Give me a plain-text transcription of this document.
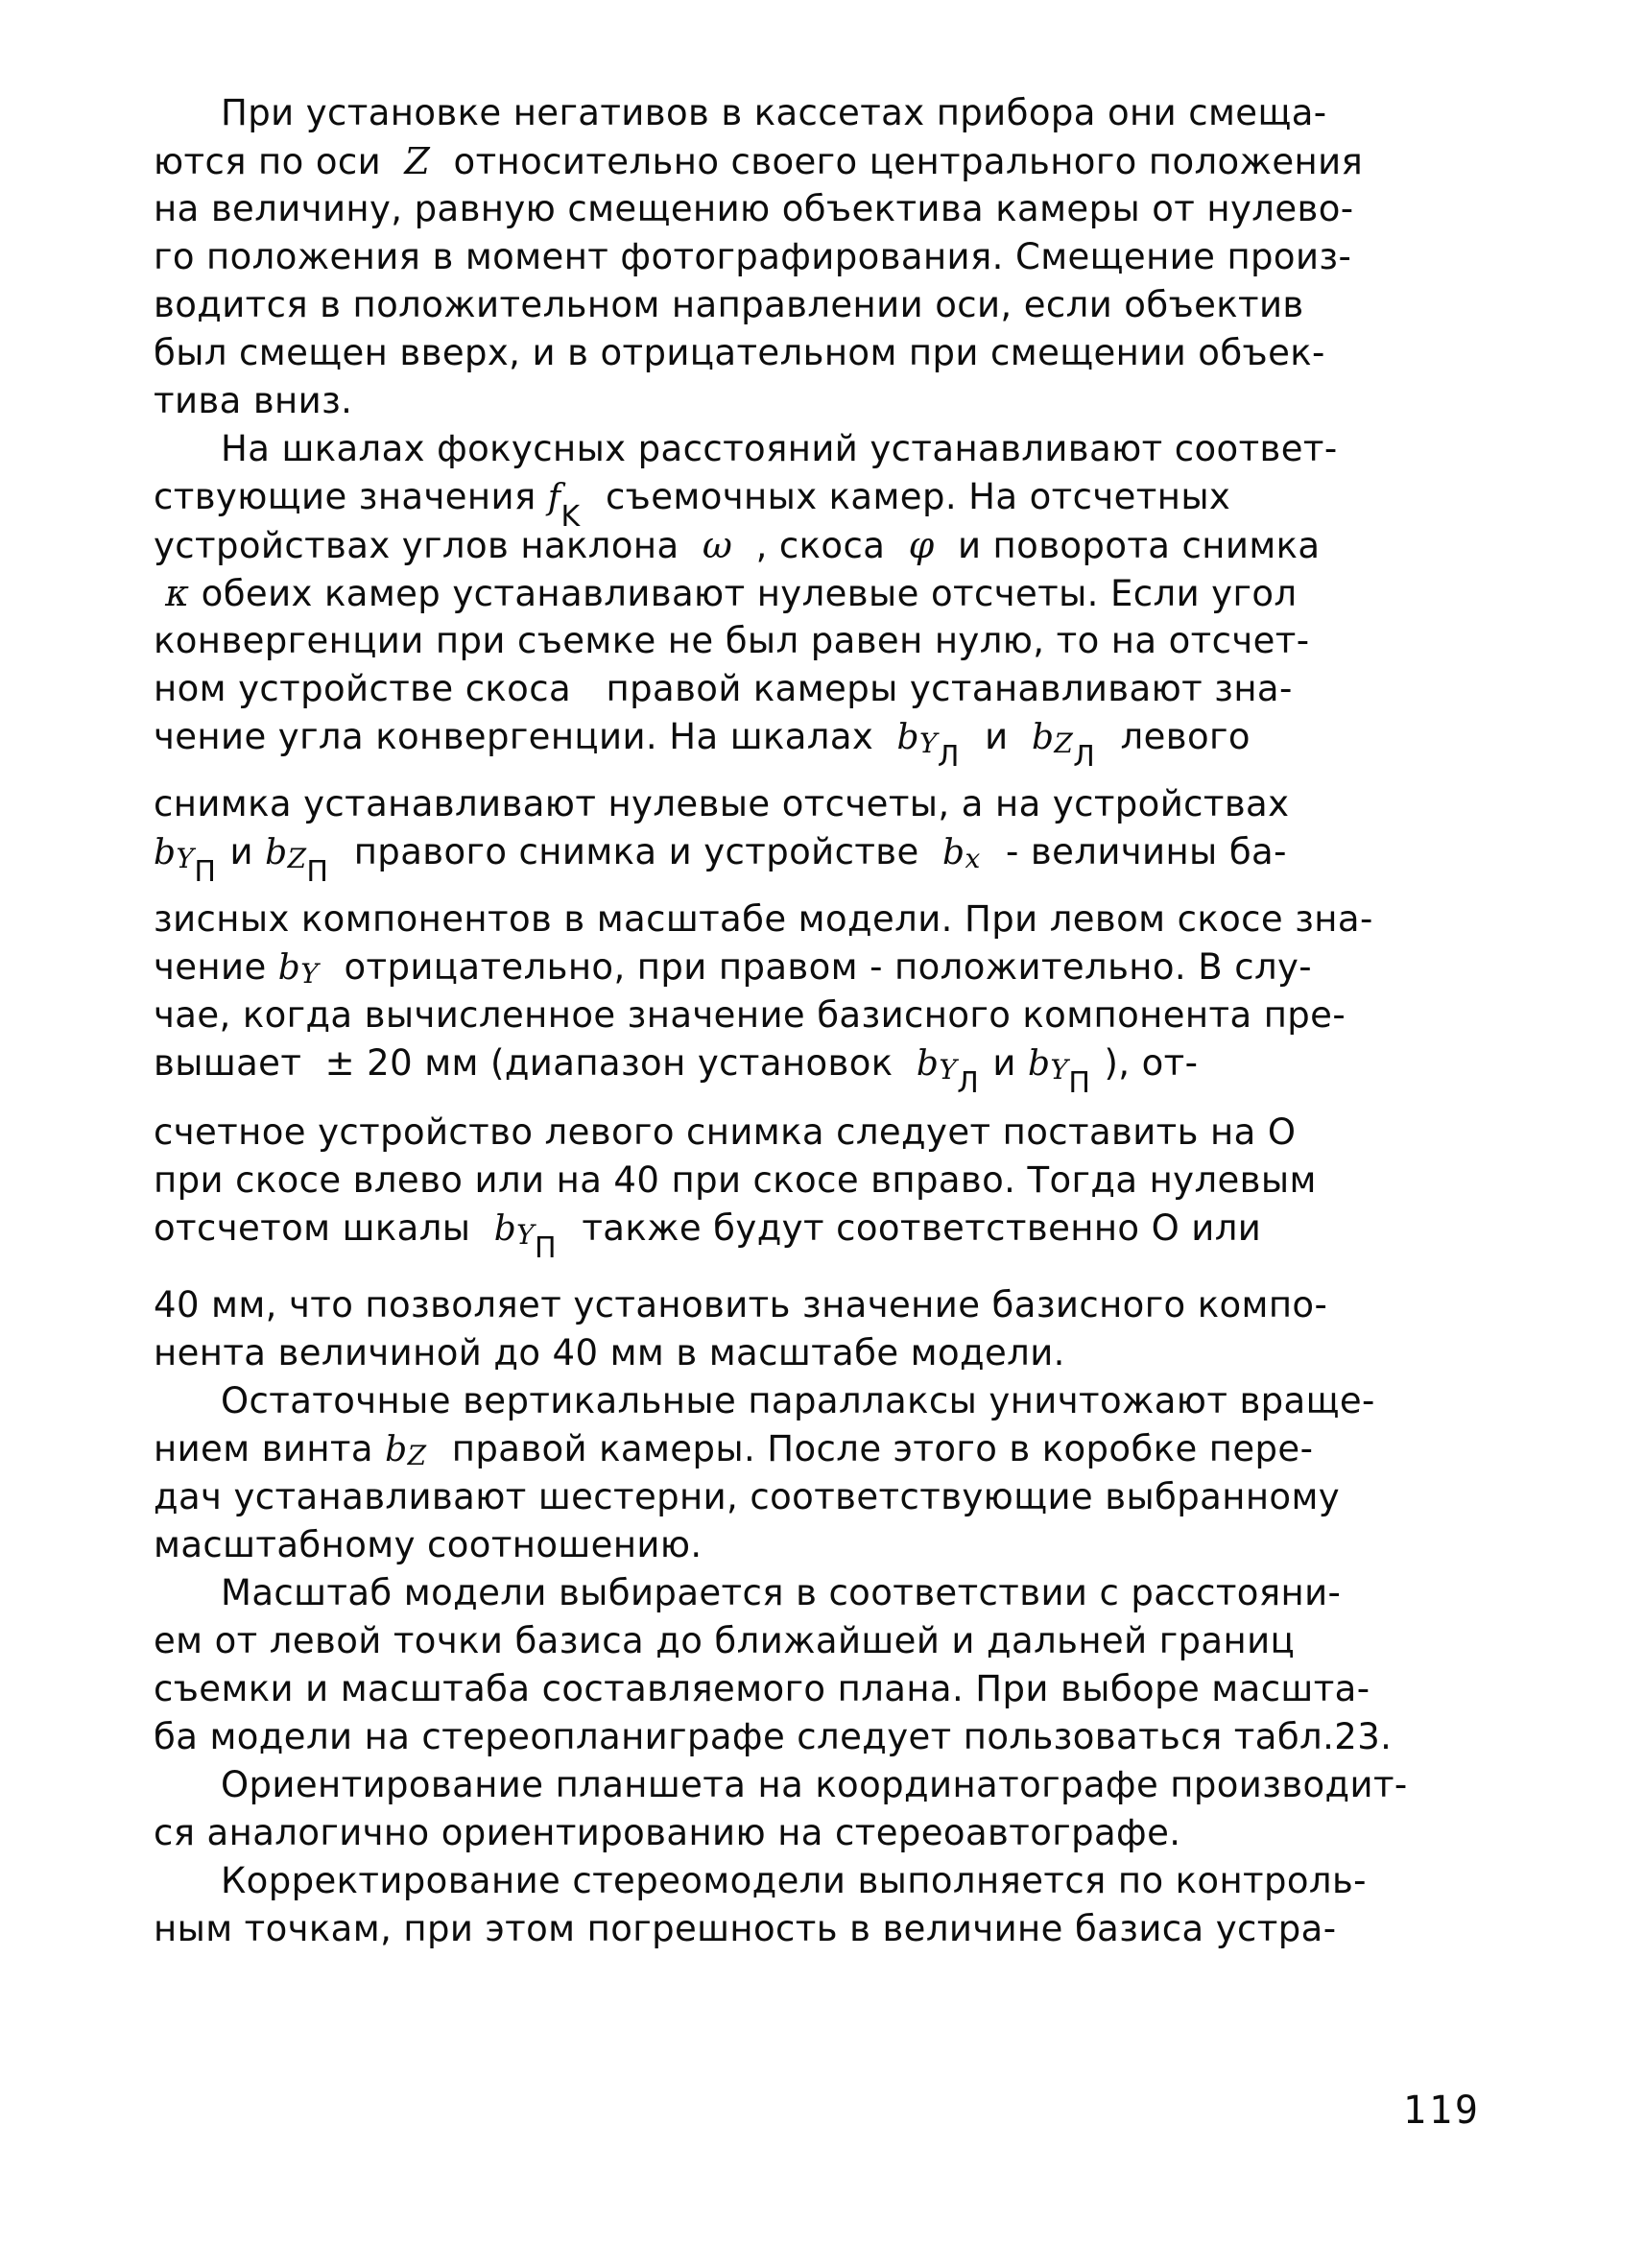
При установке негативов в кассетах прибора они смеща-
ются по оси Z относительно своего центрального положения
на величину, равную смещению объектива камеры от нулево-
го положения в момент фотографирования. Смещение произ-
водится в положительном направлении оси, если объектив
был смещен вверх, и в отрицательном при смещении объек-
тива вниз.
На шкалах фокусных расстояний устанавливают соответ-
ствующие значения $f_K$ съемочных камер. На отсчетных
устройствах углов наклона ω , скоса φ и поворота снимка
κ обеих камер устанавливают нулевые отсчеты. Если угол
конвергенции при съемке не был равен нулю, то на отсчет-
ном устройстве скоса   правой камеры устанавливают зна-
чение угла конвергенции. На шкалах $b_{YЛ}$ и $b_{ZЛ}$ левого
снимка устанавливают нулевые отсчеты, а на устройствах
$b_{YП}$ и $b_{ZП}$ правого снимка и устройстве $b_x$ - величины ба-
зисных компонентов в масштабе модели. При левом скосе зна-
чение $b_Y$ отрицательно, при правом - положительно. В слу-
чае, когда вычисленное значение базисного компонента пре-
вышает  ± 20 мм (диапазон установок $b_{YЛ}$ и $b_{YП}$ ), от-
счетное устройство левого снимка следует поставить на О
при скосе влево или на 40 при скосе вправо. Тогда нулевым
отсчетом шкалы $b_{YП}$ также будут соответственно О или
40 мм, что позволяет установить значение базисного компо-
нента величиной до 40 мм в масштабе модели.
Остаточные вертикальные параллаксы уничтожают враще-
нием винта $b_Z$ правой камеры. После этого в коробке пере-
дач устанавливают шестерни, соответствующие выбранному
масштабному соотношению.
Масштаб модели выбирается в соответствии с расстояни-
ем от левой точки базиса до ближайшей и дальней границ
съемки и масштаба составляемого плана. При выборе масшта-
ба модели на стереопланиграфе следует пользоваться табл.23.
Ориентирование планшета на координатографе производит-
ся аналогично ориентированию на стереоавтографе.
Корректирование стереомодели выполняется по контроль-
ным точкам, при этом погрешность в величине базиса устра-
119
